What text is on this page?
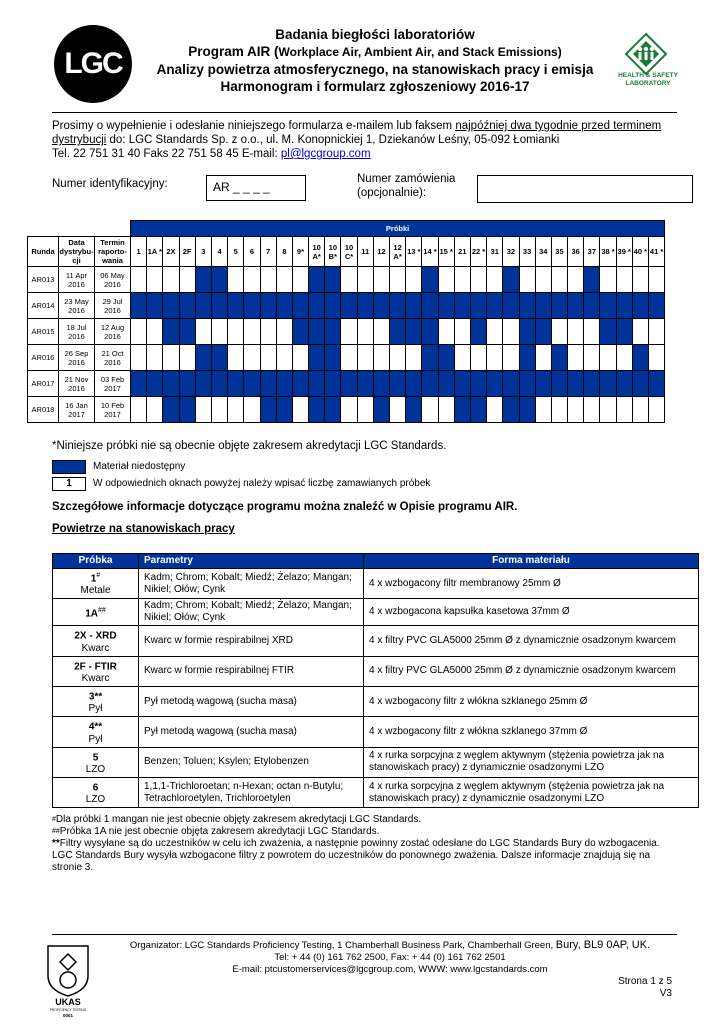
LGC	HEALTH & SAFETY
LABORATORY
Badania biegłości laboratoriów
Program AIR (Workplace Air, Ambient Air, and Stack Emissions)
Analizy powietrza atmosferycznego, na stanowiskach pracy i emisja
Harmonogram i formularz zgłoszeniowy 2016-17
Prosimy o wypełnienie i odesłanie niniejszego formularza e-mailem lub faksem najpóźniej dwa tygodnie przed terminem dystrybucji do: LGC Standards Sp. z o.o., ul. M. Konopnickiej 1, Dziekanów Leśny, 05-092 Łomianki
Tel. 22 751 31 40 Faks 22 751 58 45 E-mail: pl@lgcgroup.com
Numer identyfikacyjny:	AR _ _ _ _
Numer zamówienia (opcjonalnie):
			Próbki																																
Runda	Data dystrybu-cji	Termin raporto-wania	1	1A *	2X	2F	3	4	5	6	7	8	9*	10 A*	10 B*	10 C*	11	12	12 A*	13 *	14 *	15 *	21	22 *	31	32	33	34	35	36	37	38 *	39 *	40 *	41 *
AR013	11 Apr 2016	06 May 2016																																	
AR014	23 May 2016	29 Jul 2016																																	
AR015	18 Jul 2016	12 Aug 2016																																	
AR016	26 Sep 2016	21 Oct 2016																																	
AR017	21 Nov 2016	03 Feb 2017																																	
AR018	16 Jan 2017	10 Feb 2017																																	
*Niniejsze próbki nie są obecnie objęte zakresem akredytacji LGC Standards.
Materiał niedostępny
1	W odpowiednich oknach powyżej należy wpisać liczbę zamawianych próbek
Szczegółowe informacje dotyczące programu można znaleźć w Opisie programu AIR.
Powietrze na stanowiskach pracy
Próbka	Parametry	Forma materiału
1#
Metale	Kadm; Chrom; Kobalt; Miedź; Żelazo; Mangan; Nikiel; Ołów; Cynk	4 x wzbogacony filtr membranowy 25mm Ø
1A##	Kadm; Chrom; Kobalt; Miedź; Żelazo; Mangan; Nikiel; Ołów; Cynk	4 x wzbogacona kapsułka kasetowa 37mm Ø
2X - XRD
Kwarc	Kwarc w formie respirabilnej XRD	4 x filtry PVC GLA5000 25mm Ø z dynamicznie osadzonym kwarcem
2F - FTIR
Kwarc	Kwarc w formie respirabilnej FTIR	4 x filtry PVC GLA5000 25mm Ø z dynamicznie osadzonym kwarcem
3**
Pył	Pył metodą wagową (sucha masa)	4 x wzbogacony filtr z włókna szklanego 25mm Ø
4**
Pył	Pył metodą wagową (sucha masa)	4 x wzbogacony filtr z włókna szklanego 37mm Ø
5
LZO	Benzen; Toluen; Ksylen; Etylobenzen	4 x rurka sorpcyjna z węglem aktywnym (stężenia powietrza jak na stanowiskach pracy) z dynamicznie osadzonymi LZO
6
LZO	1,1,1-Trichloroetan; n-Hexan; octan n-Butylu; Tetrachloroetylen, Trichloroetylen	4 x rurka sorpcyjna z węglem aktywnym (stężenia powietrza jak na stanowiskach pracy) z dynamicznie osadzonymi LZO
#Dla próbki 1 mangan nie jest obecnie objęty zakresem akredytacji LGC Standards.
##Próbka 1A nie jest obecnie objęta zakresem akredytacji LGC Standards.
**Filtry wysyłane są do uczestników w celu ich zważenia, a następnie powinny zostać odesłane do LGC Standards Bury do wzbogacenia. LGC Standards Bury wysyła wzbogacone filtry z powrotem do uczestników do ponownego zważenia. Dalsze informacje znajdują się na stronie 3.
UKAS
PROFICIENCY TESTING
0001
Organizator: LGC Standards Proficiency Testing, 1 Chamberhall Business Park, Chamberhall Green, Bury, BL9 0AP, UK.
Tel: + 44 (0) 161 762 2500, Fax: + 44 (0) 161 762 2501
E-mail: ptcustomerservices@lgcgroup.com, WWW: www.lgcstandards.com
Strona 1 z 5
V3
